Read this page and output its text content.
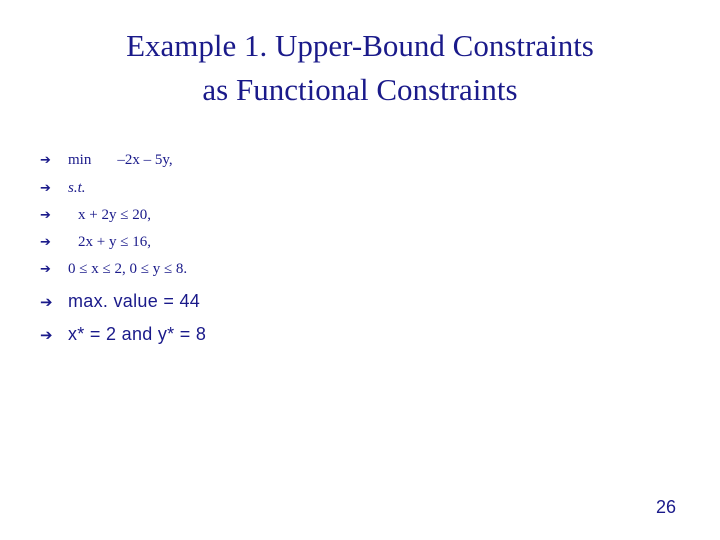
Example 1. Upper-Bound Constraints
as Functional Constraints
➔	min –2x – 5y,
➔	s.t.
➔	x + 2y ≤ 20,
➔	2x + y ≤ 16,
➔	0 ≤ x ≤ 2, 0 ≤ y ≤ 8.
➔ max. value = 44
➔ x* = 2 and y* = 8
26
